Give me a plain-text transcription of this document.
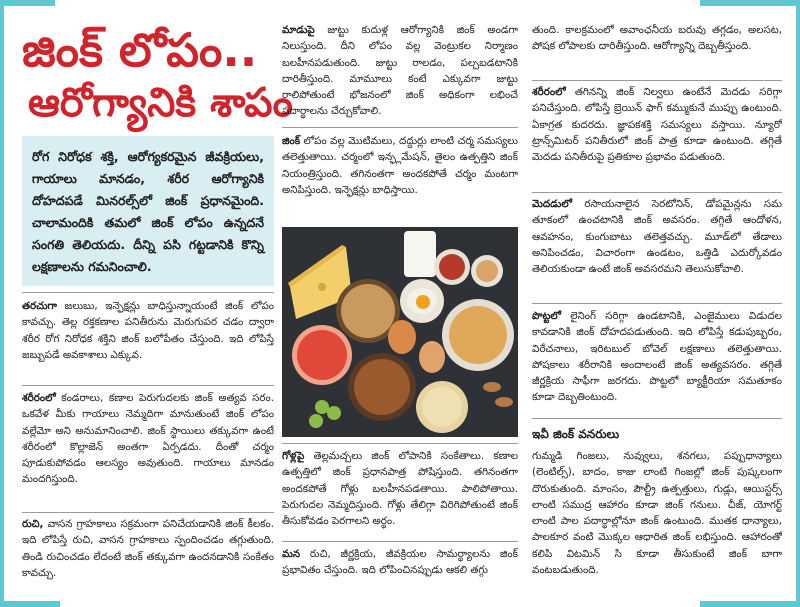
జింక్ లోపం..
ఆరోగ్యానికి శాపం
రోగ నిరోధక శక్తి, ఆరోగ్యకరమైన జీవక్రియలు, గాయాలు మానడం, శరీర ఆరోగ్యానికి దోహదపడే మినరల్స్‌లో జింక్ ప్రధానమైంది. చాలామందికి తమలో జింక్ లోపం ఉన్నదనే సంగతి తెలియదు. దీన్ని పసి గట్టడానికి కొన్ని లక్షణాలను గమనించాలి.
తరచుగా జలుబు, ఇన్ఫెక్షన్లు బాధిస్తున్నాయంటే జింక్ లోపం కావచ్చు. తెల్ల రక్తకణాల పనితీరును మెరుగుపర చడం ద్వారా శరీర రోగ నిరోధక శక్తిని జింక్ బలోపేతం చేస్తుంది. ఇది లోపిస్తే జబ్బుపడే అవకాశాలు ఎక్కువ.
శరీరంలో కండరాలు, కణాల పెరుగుదలకు జింక్ అత్యవ సరం. ఒకవేళ మీకు గాయాలు నెమ్మదిగా మానుతుంటే జింక్ లోపం వల్లేమో అని అనుమానించాలి. జింక్ స్థాయిలు తక్కువగా ఉంటే శరీరంలో కొల్లాజెన్ అంతగా ఏర్పడదు. దీంతో చర్మం పూడుకుపోవడం ఆలస్యం అవుతుంది. గాయాలు మానడం మందగిస్తుంది.
రుచి, వాసన గ్రాహకాలు సక్రమంగా పనిచేయడానికి జింక్ కీలకం. ఇది లోపిస్తే రుచి, వాసన గ్రాహకాలు స్పందించడం తగ్గుతుంది. తిండి రుచించడం లేదంటే జింక్ తక్కువగా ఉందనడానికి సంకేతం కావచ్చు.
మాడుపై జుట్టు కుదుళ్ల ఆరోగ్యానికి జింక్ అండగా నిలుస్తుంది. దీని లోపం వల్ల వెంట్రుకల నిర్మాణం బలహీనపడుతుంది. జుట్టు రాలడం, పల్చబడటానికి దారితీస్తుంది. మామూలు కంటే ఎక్కువగా జుట్టు రాలిపోతుంటే భోజనంలో జింక్ అధికంగా లభించే పదార్థాలను చేర్చుకోవాలి.
జింక్ లోపం వల్ల మొటిమలు, దద్దుర్లు లాంటి చర్మ సమస్యలు తలెత్తుతాయి. చర్మంలో ఇన్ఫ్లమేషన్, తైలం ఉత్పత్తిని జింక్ నియంత్రిస్తుంది. తగినంతగా అందకపోతే చర్మం మంటగా అనిపిస్తుంది. ఇన్ఫెక్షన్లు బాధిస్తాయి.
గోళ్లపై తెల్లమచ్చలు జింక్ లోపానికి సంకేతాలు. కణాల ఉత్పత్తిలో జింక్ ప్రధానపాత్ర పోషిస్తుంది. తగినంతగా అందకపోతే గోళ్లు బలహీనపడతాయి. పాలిపోతాయి. పెరుగుదల నెమ్మదిస్తుంది. గోళ్లు తేలిగ్గా విరిగిపోతుంటే జింక్ తీసుకోవడం పెరగాలని అర్థం.
మన రుచి, జీర్ణక్రియ, జీవక్రియల సామర్థ్యాలను జింక్ ప్రభావితం చేస్తుంది. ఇది లోపించినప్పుడు ఆకలి తగ్గు
తుంది. కాలక్రమంలో అవాంఛనీయ బరువు తగ్గడం, అలసట, పోషక లోపాలకు దారితీస్తుంది. ఆరోగ్యాన్ని దెబ్బతీస్తుంది.
శరీరంలో తగినన్ని జింక్ నిల్వలు ఉంటేనే మెదడు సరిగ్గా పనిచేస్తుంది. లోపిస్తే బ్రెయిన్ ఫాగ్ కమ్ముకునే ముప్పు ఉంటుంది. ఏకాగ్రత కుదరదు. జ్ఞాపకశక్తి సమస్యలు వస్తాయి. న్యూరో ట్రాన్స్‌మిటర్ పనితీరులో జింక్ పాత్ర కూడా ఉంటుంది. తగ్గితే మెదడు పనితీరుపై ప్రతికూల ప్రభావం పడుతుంది.
మెదడులో రసాయనాలైన సెరటోనిన్, డోపమైన్లను సమ తూకంలో ఉంచటానికి జింక్ అవసరం. తగ్గితే ఆందోళన, ఆవహనం, కుంగుబాటు తలెత్తవచ్చు. మూడ్‌లో తేడాలు అనిపించడం, విచారంగా ఉండటం, ఒత్తిడి ఎదుర్కోవడం తెలియకుండా ఉంటే జింక్ అవసరమని తెలుసుకోవాలి.
పొట్టలో లైనింగ్ సరిగ్గా ఉండటానికి, ఎంజైములు విడుదల కావడానికి జింక్ దోహదపడుతుంది. ఇది లోపిస్తే కడుపుబ్బరం, విరేచనాలు, ఇరిటబుల్ బోవెల్ లక్షణాలు తలెత్తుతాయి. పోషకాలు శరీరానికి అందాలంటే జింక్ అత్యవసరం. తగ్గితే జీర్ణక్రియ సాఫీగా జరగదు. పొట్టలో బ్యాక్టీరియా సమతూకం కూడా దెబ్బతింటుంది.
ఇవీ జింక్ వనరులు
గుమ్మడి గింజలు, నువ్వులు, శనగలు, పప్పుధాన్యాలు (లెంటిల్స్), బాదం, కాజు లాంటి గింజల్లో జింక్ పుష్కలంగా దొరుకుతుంది. మాంసం, పౌల్ట్రీ ఉత్పత్తులు, గుడ్లు, ఆయిస్టర్స్ లాంటి సముద్ర ఆహారం కూడా జింక్ గనులు. చీజ్, యోగర్ట్ లాంటి పాల పదార్థాల్లోనూ జింక్ ఉంటుంది. ముతక ధాన్యాలు, పాలకూర వంటి మొక్కల ఆధారిత జింక్ లభిస్తుంది. ఆహారంతో కలిపి విటమిన్ సి కూడా తీసుకుంటే జింక్ బాగా వంటబడుతుంది.
